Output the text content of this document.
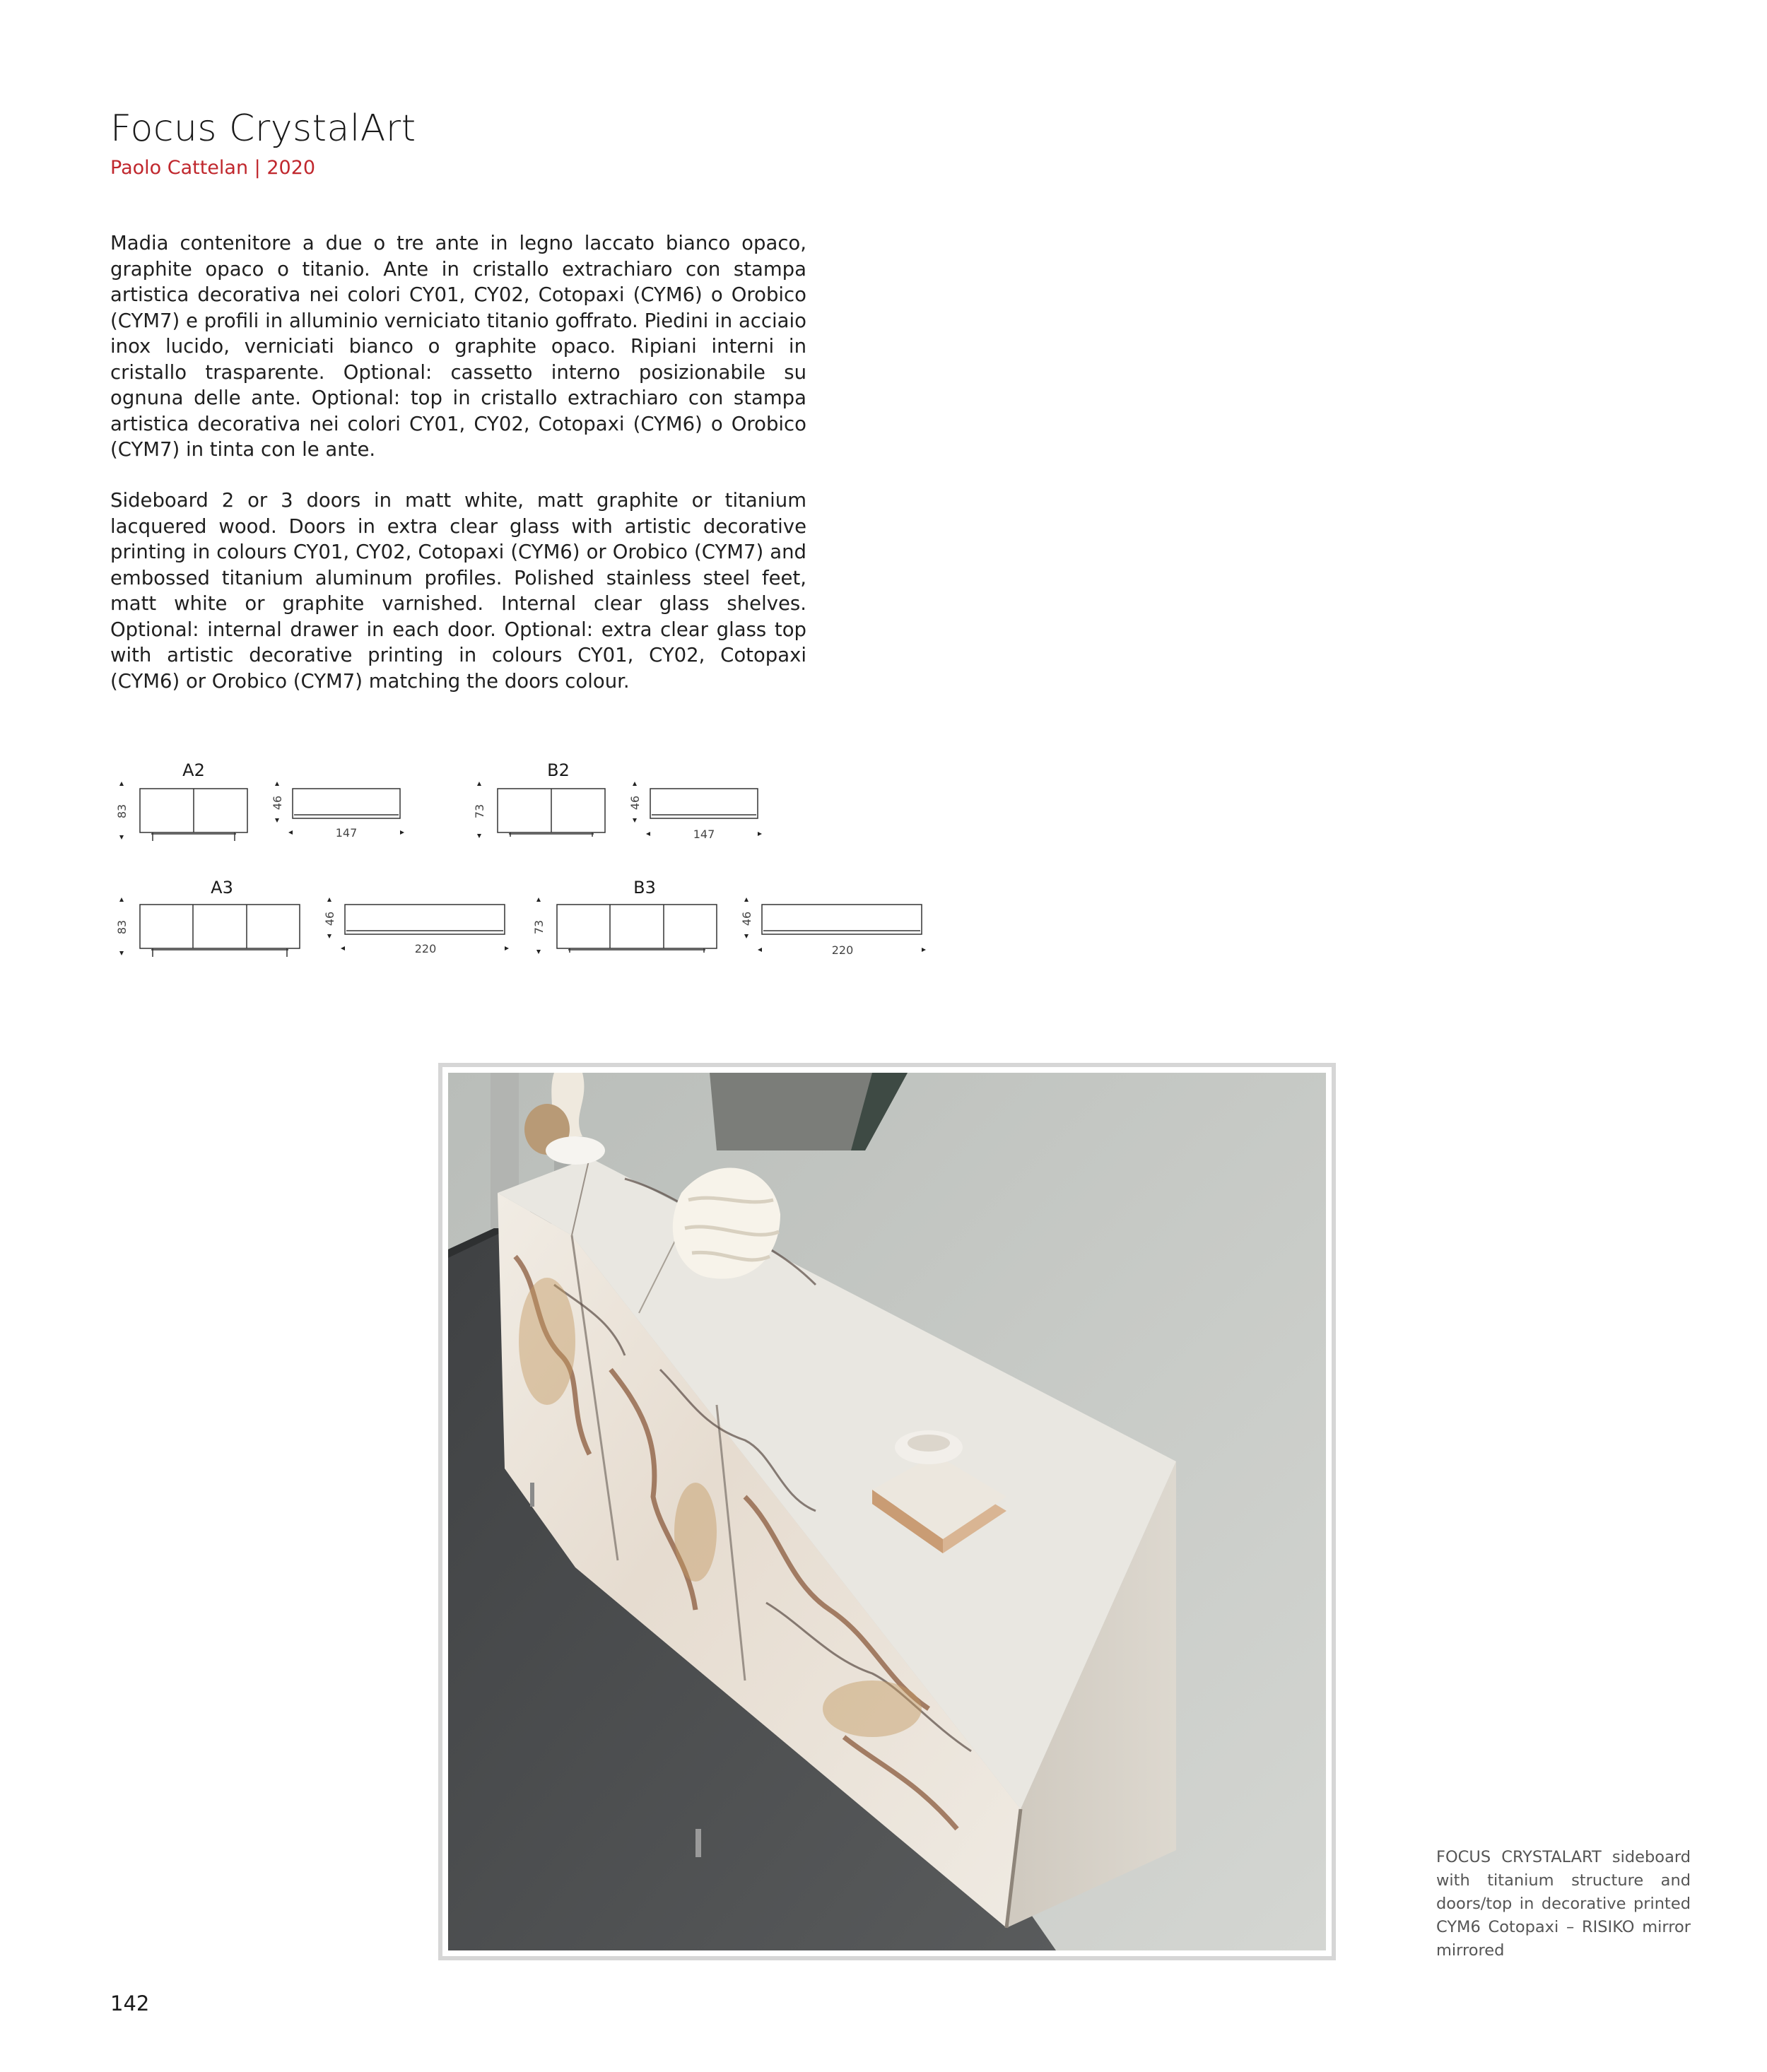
Focus CrystalArt
Paolo Cattelan | 2020
Madia contenitore a due o tre ante in legno laccato bianco opaco, graphite opaco o titanio. Ante in cristallo extrachiaro con stampa artistica decorativa nei colori CY01, CY02, Cotopaxi (CYM6) o Orobico (CYM7) e profili in alluminio verniciato titanio goffrato. Piedini in acciaio inox lucido, verniciati bianco o graphite opaco. Ripiani interni in cristallo trasparente. Optional: cassetto interno posizionabile su ognuna delle ante. Optional: top in cristallo extrachiaro con stampa artistica decorativa nei colori CY01, CY02, Cotopaxi (CYM6) o Orobico (CYM7) in tinta con le ante.
Sideboard 2 or 3 doors in matt white, matt graphite or titanium lacquered wood. Doors in extra clear glass with artistic decorative printing in colours CY01, CY02, Cotopaxi (CYM6) or Orobico (CYM7) and embossed titanium aluminum profiles. Polished stainless steel feet, matt white or graphite varnished. Internal clear glass shelves. Optional: internal drawer in each door. Optional: extra clear glass top with artistic decorative printing in colours CY01, CY02, Cotopaxi (CYM6) or Orobico (CYM7) matching the doors colour.
A2	B2
A3	B3
147	147
220	220
83
46
73
46
83
46
73
46
FOCUS CRYSTALART sideboard with titanium structure and doors/top in decorative printed CYM6 Cotopaxi – RISIKO mirror mirrored
142
